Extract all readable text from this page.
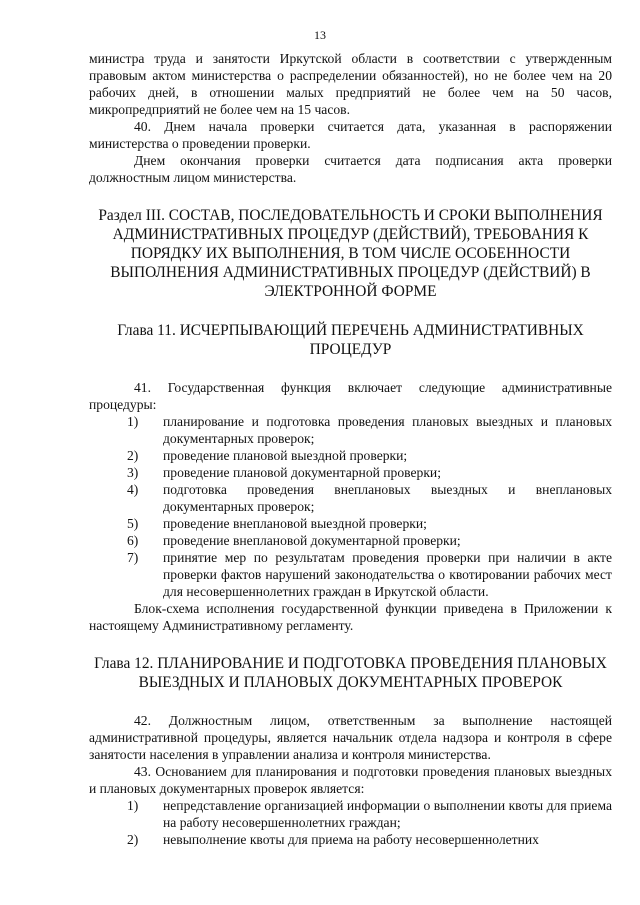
13

министра труда и занятости Иркутской области в соответствии с утвержденным правовым актом министерства о распределении обязанностей), но не более чем на 20 рабочих дней, в отношении малых предприятий не более чем на 50 часов, микропредприятий не более чем на 15 часов.

40. Днем начала проверки считается дата, указанная в распоряжении министерства о проведении проверки.

Днем окончания проверки считается дата подписания акта проверки должностным лицом министерства.

Раздел III. СОСТАВ, ПОСЛЕДОВАТЕЛЬНОСТЬ И СРОКИ ВЫПОЛНЕНИЯ АДМИНИСТРАТИВНЫХ ПРОЦЕДУР (ДЕЙСТВИЙ), ТРЕБОВАНИЯ К ПОРЯДКУ ИХ ВЫПОЛНЕНИЯ, В ТОМ ЧИСЛЕ ОСОБЕННОСТИ ВЫПОЛНЕНИЯ АДМИНИСТРАТИВНЫХ ПРОЦЕДУР (ДЕЙСТВИЙ) В ЭЛЕКТРОННОЙ ФОРМЕ
Глава 11. ИСЧЕРПЫВАЮЩИЙ ПЕРЕЧЕНЬ АДМИНИСТРАТИВНЫХ ПРОЦЕДУР

41. Государственная функция включает следующие административные процедуры:

1)	планирование и подготовка проведения плановых выездных и плановых документарных проверок;
2)	проведение плановой выездной проверки;
3)	проведение плановой документарной проверки;
4)	подготовка проведения внеплановых выездных и внеплановых документарных проверок;
5)	проведение внеплановой выездной проверки;
6)	проведение внеплановой документарной проверки;
7)	принятие мер по результатам проведения проверки при наличии в акте проверки фактов нарушений законодательства о квотировании рабочих мест для несовершеннолетних граждан в Иркутской области.

Блок-схема исполнения государственной функции приведена в Приложении к настоящему Административному регламенту.

Глава 12. ПЛАНИРОВАНИЕ И ПОДГОТОВКА ПРОВЕДЕНИЯ ПЛАНОВЫХ ВЫЕЗДНЫХ И ПЛАНОВЫХ ДОКУМЕНТАРНЫХ ПРОВЕРОК

42. Должностным лицом, ответственным за выполнение настоящей административной процедуры, является начальник отдела надзора и контроля в сфере занятости населения в управлении анализа и контроля министерства.

43. Основанием для планирования и подготовки проведения плановых выездных и плановых документарных проверок является:

1)	непредставление организацией информации о выполнении квоты для приема на работу несовершеннолетних граждан;
2)	невыполнение квоты для приема на работу несовершеннолетних
